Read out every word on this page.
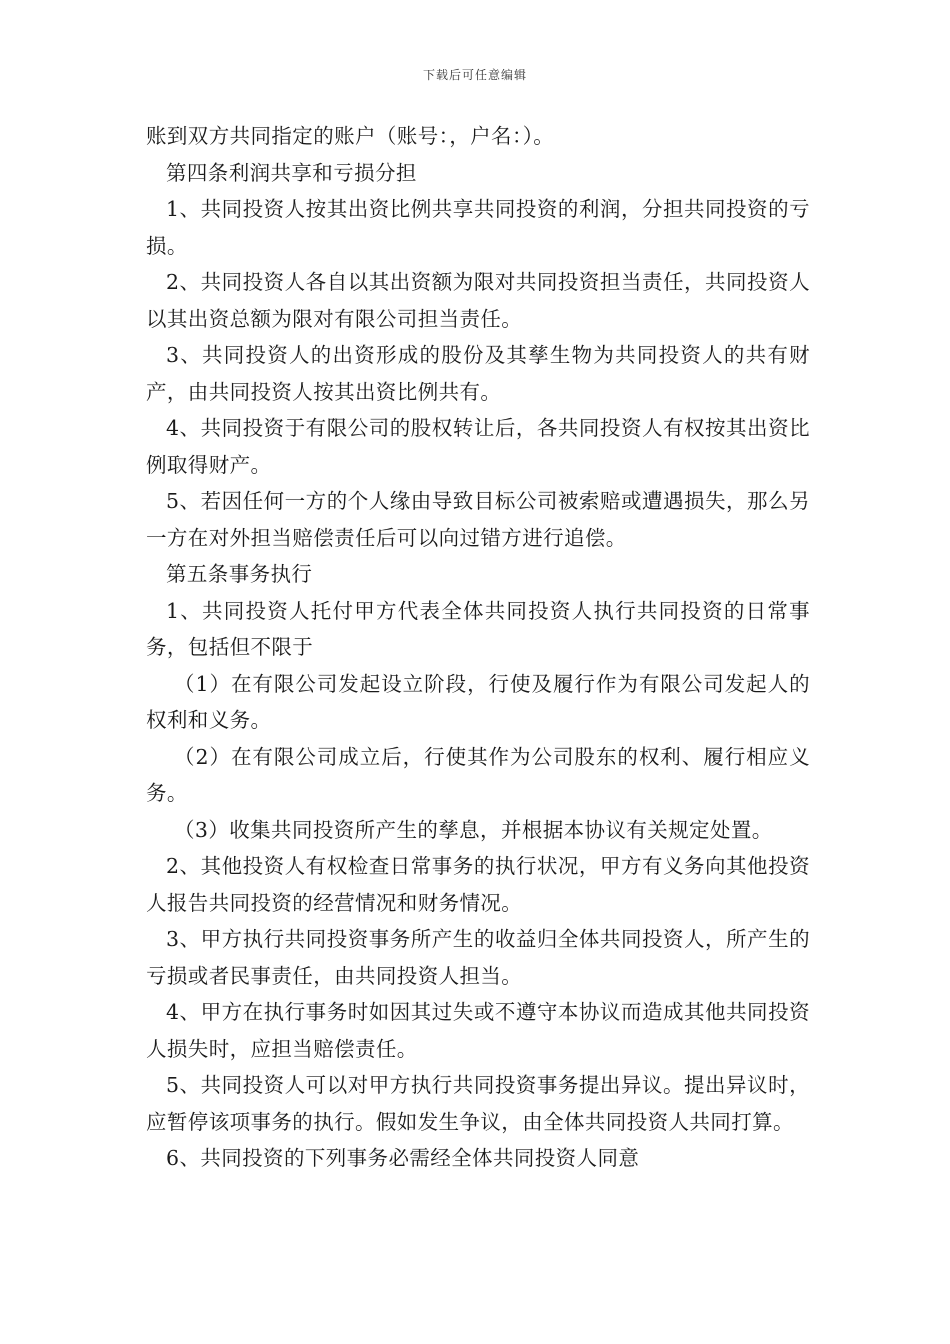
下载后可任意编辑

账到双方共同指定的账户（账号：，户名：）。

第四条利润共享和亏损分担

1、共同投资人按其出资比例共享共同投资的利润，分担共同投资的亏损。

2、共同投资人各自以其出资额为限对共同投资担当责任，共同投资人以其出资总额为限对有限公司担当责任。

3、共同投资人的出资形成的股份及其孳生物为共同投资人的共有财产，由共同投资人按其出资比例共有。

4、共同投资于有限公司的股权转让后，各共同投资人有权按其出资比例取得财产。

5、若因任何一方的个人缘由导致目标公司被索赔或遭遇损失，那么另一方在对外担当赔偿责任后可以向过错方进行追偿。

第五条事务执行

1、共同投资人托付甲方代表全体共同投资人执行共同投资的日常事务，包括但不限于

（1）在有限公司发起设立阶段，行使及履行作为有限公司发起人的权利和义务。

（2）在有限公司成立后，行使其作为公司股东的权利、履行相应义务。

（3）收集共同投资所产生的孳息，并根据本协议有关规定处置。

2、其他投资人有权检查日常事务的执行状况，甲方有义务向其他投资人报告共同投资的经营情况和财务情况。

3、甲方执行共同投资事务所产生的收益归全体共同投资人，所产生的亏损或者民事责任，由共同投资人担当。

4、甲方在执行事务时如因其过失或不遵守本协议而造成其他共同投资人损失时，应担当赔偿责任。

5、共同投资人可以对甲方执行共同投资事务提出异议。提出异议时，应暂停该项事务的执行。假如发生争议，由全体共同投资人共同打算。

6、共同投资的下列事务必需经全体共同投资人同意
